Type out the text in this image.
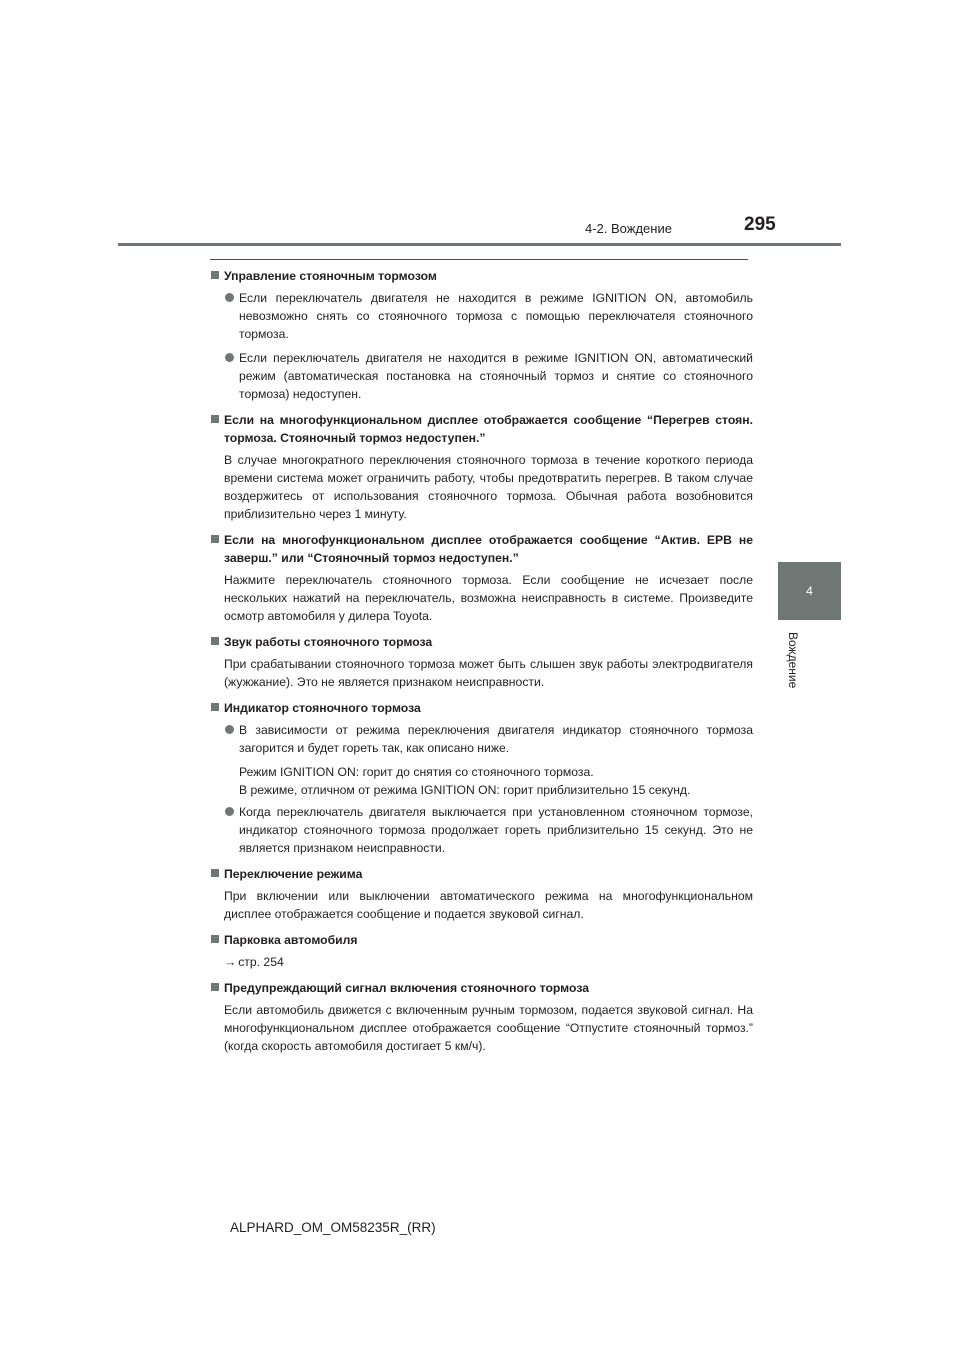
4-2. Вождение	295
4
Вождение
Управление стояночным тормозом
Если переключатель двигателя не находится в режиме IGNITION ON, автомобиль невозможно снять со стояночного тормоза с помощью переключателя стояночного тормоза.
Если переключатель двигателя не находится в режиме IGNITION ON, автоматический режим (автоматическая постановка на стояночный тормоз и снятие со стояночного тормоза) недоступен.
Если на многофункциональном дисплее отображается сообщение “Перегрев стоян. тормоза. Стояночный тормоз недоступен.”
В случае многократного переключения стояночного тормоза в течение короткого периода времени система может ограничить работу, чтобы предотвратить перегрев. В таком случае воздержитесь от использования стояночного тормоза. Обычная работа возобновится приблизительно через 1 минуту.
Если на многофункциональном дисплее отображается сообщение “Актив. EPB не заверш.” или “Стояночный тормоз недоступен.”
Нажмите переключатель стояночного тормоза. Если сообщение не исчезает после нескольких нажатий на переключатель, возможна неисправность в системе. Произведите осмотр автомобиля у дилера Toyota.
Звук работы стояночного тормоза
При срабатывании стояночного тормоза может быть слышен звук работы электродвигателя (жужжание). Это не является признаком неисправности.
Индикатор стояночного тормоза
В зависимости от режима переключения двигателя индикатор стояночного тормоза загорится и будет гореть так, как описано ниже.
Режим IGNITION ON: горит до снятия со стояночного тормоза.
В режиме, отличном от режима IGNITION ON: горит приблизительно 15 секунд.
Когда переключатель двигателя выключается при установленном стояночном тормозе, индикатор стояночного тормоза продолжает гореть приблизительно 15 секунд. Это не является признаком неисправности.
Переключение режима
При включении или выключении автоматического режима на многофункциональном дисплее отображается сообщение и подается звуковой сигнал.
Парковка автомобиля
→ стр. 254
Предупреждающий сигнал включения стояночного тормоза
Если автомобиль движется с включенным ручным тормозом, подается звуковой сигнал. На многофункциональном дисплее отображается сообщение “Отпустите стояночный тормоз.” (когда скорость автомобиля достигает 5 км/ч).
ALPHARD_OM_OM58235R_(RR)
